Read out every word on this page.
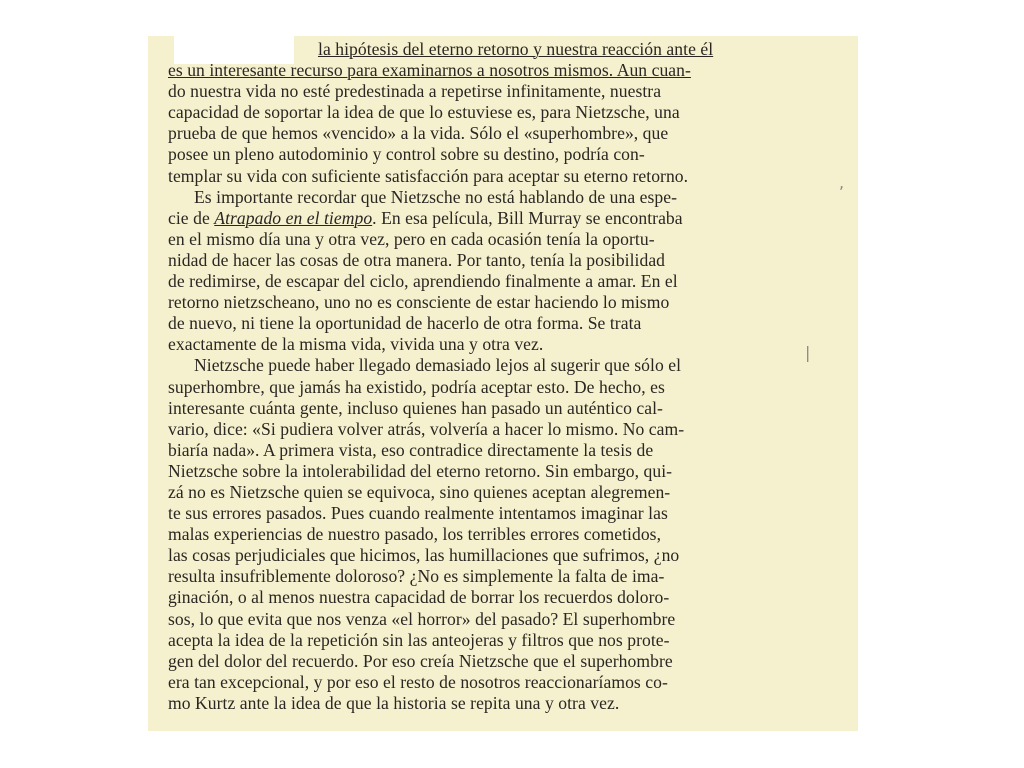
la hipótesis del eterno retorno y nuestra reacción ante él
es un interesante recurso para examinarnos a nosotros mismos. Aun cuan-
do nuestra vida no esté predestinada a repetirse infinitamente, nuestra
capacidad de soportar la idea de que lo estuviese es, para Nietzsche, una
prueba de que hemos «vencido» a la vida. Sólo el «superhombre», que
posee un pleno autodominio y control sobre su destino, podría con-
templar su vida con suficiente satisfacción para aceptar su eterno retorno.

Es importante recordar que Nietzsche no está hablando de una espe-
cie de Atrapado en el tiempo. En esa película, Bill Murray se encontraba
en el mismo día una y otra vez, pero en cada ocasión tenía la oportu-
nidad de hacer las cosas de otra manera. Por tanto, tenía la posibilidad
de redimirse, de escapar del ciclo, aprendiendo finalmente a amar. En el
retorno nietzscheano, uno no es consciente de estar haciendo lo mismo
de nuevo, ni tiene la oportunidad de hacerlo de otra forma. Se trata
exactamente de la misma vida, vivida una y otra vez.

Nietzsche puede haber llegado demasiado lejos al sugerir que sólo el
superhombre, que jamás ha existido, podría aceptar esto. De hecho, es
interesante cuánta gente, incluso quienes han pasado un auténtico cal-
vario, dice: «Si pudiera volver atrás, volvería a hacer lo mismo. No cam-
biaría nada». A primera vista, eso contradice directamente la tesis de
Nietzsche sobre la intolerabilidad del eterno retorno. Sin embargo, qui-
zá no es Nietzsche quien se equivoca, sino quienes aceptan alegremen-
te sus errores pasados. Pues cuando realmente intentamos imaginar las
malas experiencias de nuestro pasado, los terribles errores cometidos,
las cosas perjudiciales que hicimos, las humillaciones que sufrimos, ¿no
resulta insufriblemente doloroso? ¿No es simplemente la falta de ima-
ginación, o al menos nuestra capacidad de borrar los recuerdos doloro-
sos, lo que evita que nos venza «el horror» del pasado? El superhombre
acepta la idea de la repetición sin las anteojeras y filtros que nos prote-
gen del dolor del recuerdo. Por eso creía Nietzsche que el superhombre
era tan excepcional, y por eso el resto de nosotros reaccionaríamos co-
mo Kurtz ante la idea de que la historia se repita una y otra vez.

,
|
